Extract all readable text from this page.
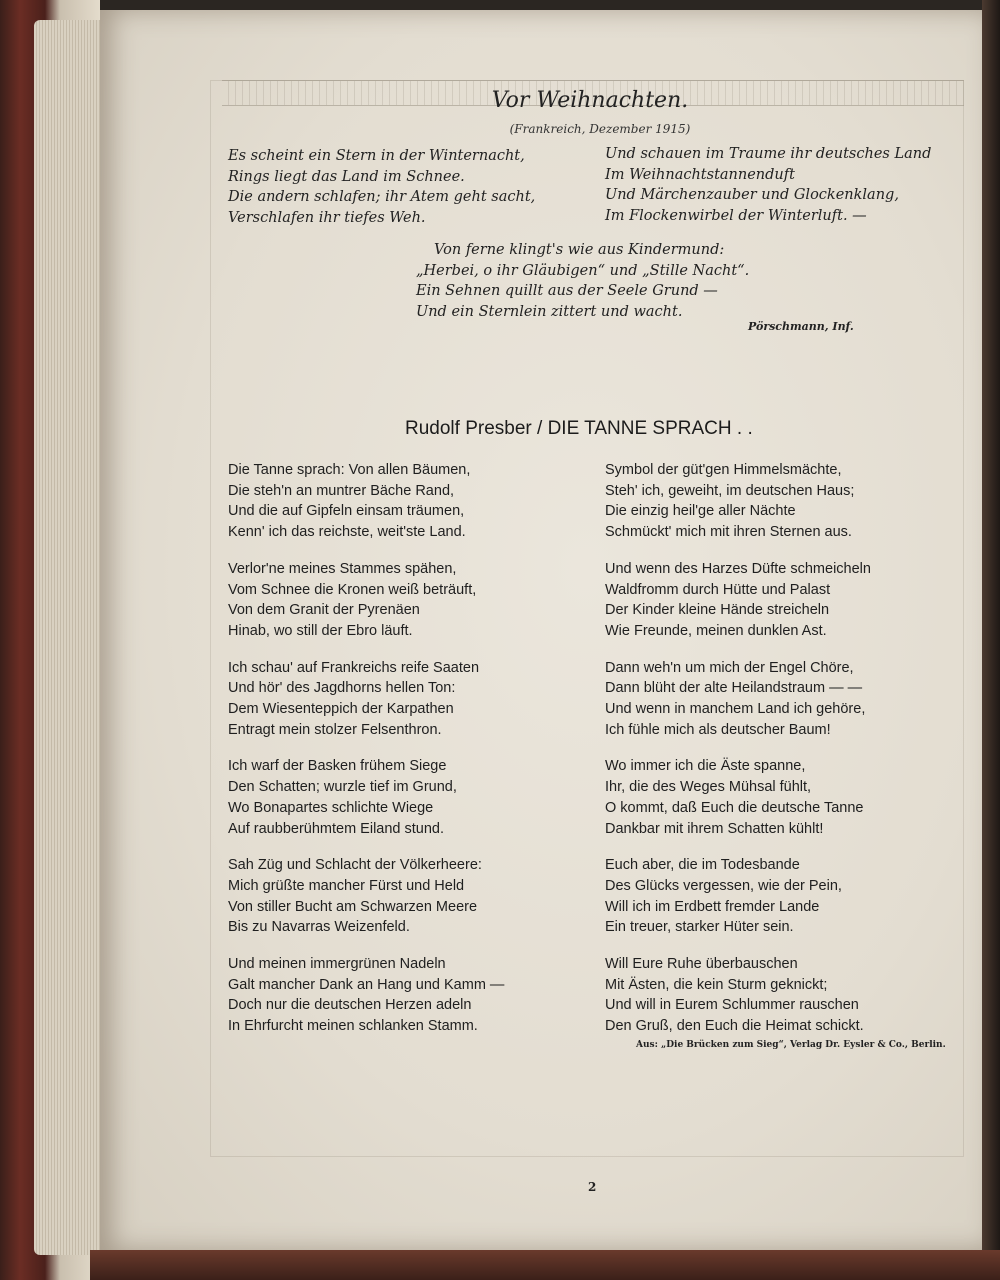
Vor Weihnachten.
(Frankreich, Dezember 1915)
Es scheint ein Stern in der Winternacht,
Rings liegt das Land im Schnee.
Die andern schlafen; ihr Atem geht sacht,
Verschlafen ihr tiefes Weh.
Und schauen im Traume ihr deutsches Land
Im Weihnachtstannenduft
Und Märchenzauber und Glockenklang,
Im Flockenwirbel der Winterluft. —
Von ferne klingt's wie aus Kindermund:
„Herbei, o ihr Gläubigen“ und „Stille Nacht“.
Ein Sehnen quillt aus der Seele Grund —
Und ein Sternlein zittert und wacht.
Pörschmann, Inf.
Rudolf Presber / DIE TANNE SPRACH . .
Die Tanne sprach: Von allen Bäumen,
Die steh'n an muntrer Bäche Rand,
Und die auf Gipfeln einsam träumen,
Kenn' ich das reichste, weit'ste Land.
Verlor'ne meines Stammes spähen,
Vom Schnee die Kronen weiß beträuft,
Von dem Granit der Pyrenäen
Hinab, wo still der Ebro läuft.
Ich schau' auf Frankreichs reife Saaten
Und hör' des Jagdhorns hellen Ton:
Dem Wiesenteppich der Karpathen
Entragt mein stolzer Felsenthron.
Ich warf der Basken frühem Siege
Den Schatten; wurzle tief im Grund,
Wo Bonapartes schlichte Wiege
Auf raubberühmtem Eiland stund.
Sah Züg und Schlacht der Völkerheere:
Mich grüßte mancher Fürst und Held
Von stiller Bucht am Schwarzen Meere
Bis zu Navarras Weizenfeld.
Und meinen immergrünen Nadeln
Galt mancher Dank an Hang und Kamm —
Doch nur die deutschen Herzen adeln
In Ehrfurcht meinen schlanken Stamm.
Symbol der güt'gen Himmelsmächte,
Steh' ich, geweiht, im deutschen Haus;
Die einzig heil'ge aller Nächte
Schmückt' mich mit ihren Sternen aus.
Und wenn des Harzes Düfte schmeicheln
Waldfromm durch Hütte und Palast
Der Kinder kleine Hände streicheln
Wie Freunde, meinen dunklen Ast.
Dann weh'n um mich der Engel Chöre,
Dann blüht der alte Heilandstraum — —
Und wenn in manchem Land ich gehöre,
Ich fühle mich als deutscher Baum!
Wo immer ich die Äste spanne,
Ihr, die des Weges Mühsal fühlt,
O kommt, daß Euch die deutsche Tanne
Dankbar mit ihrem Schatten kühlt!
Euch aber, die im Todesbande
Des Glücks vergessen, wie der Pein,
Will ich im Erdbett fremder Lande
Ein treuer, starker Hüter sein.
Will Eure Ruhe überbauschen
Mit Ästen, die kein Sturm geknickt;
Und will in Eurem Schlummer rauschen
Den Gruß, den Euch die Heimat schickt.
Aus: „Die Brücken zum Sieg“, Verlag Dr. Eysler & Co., Berlin.
2
